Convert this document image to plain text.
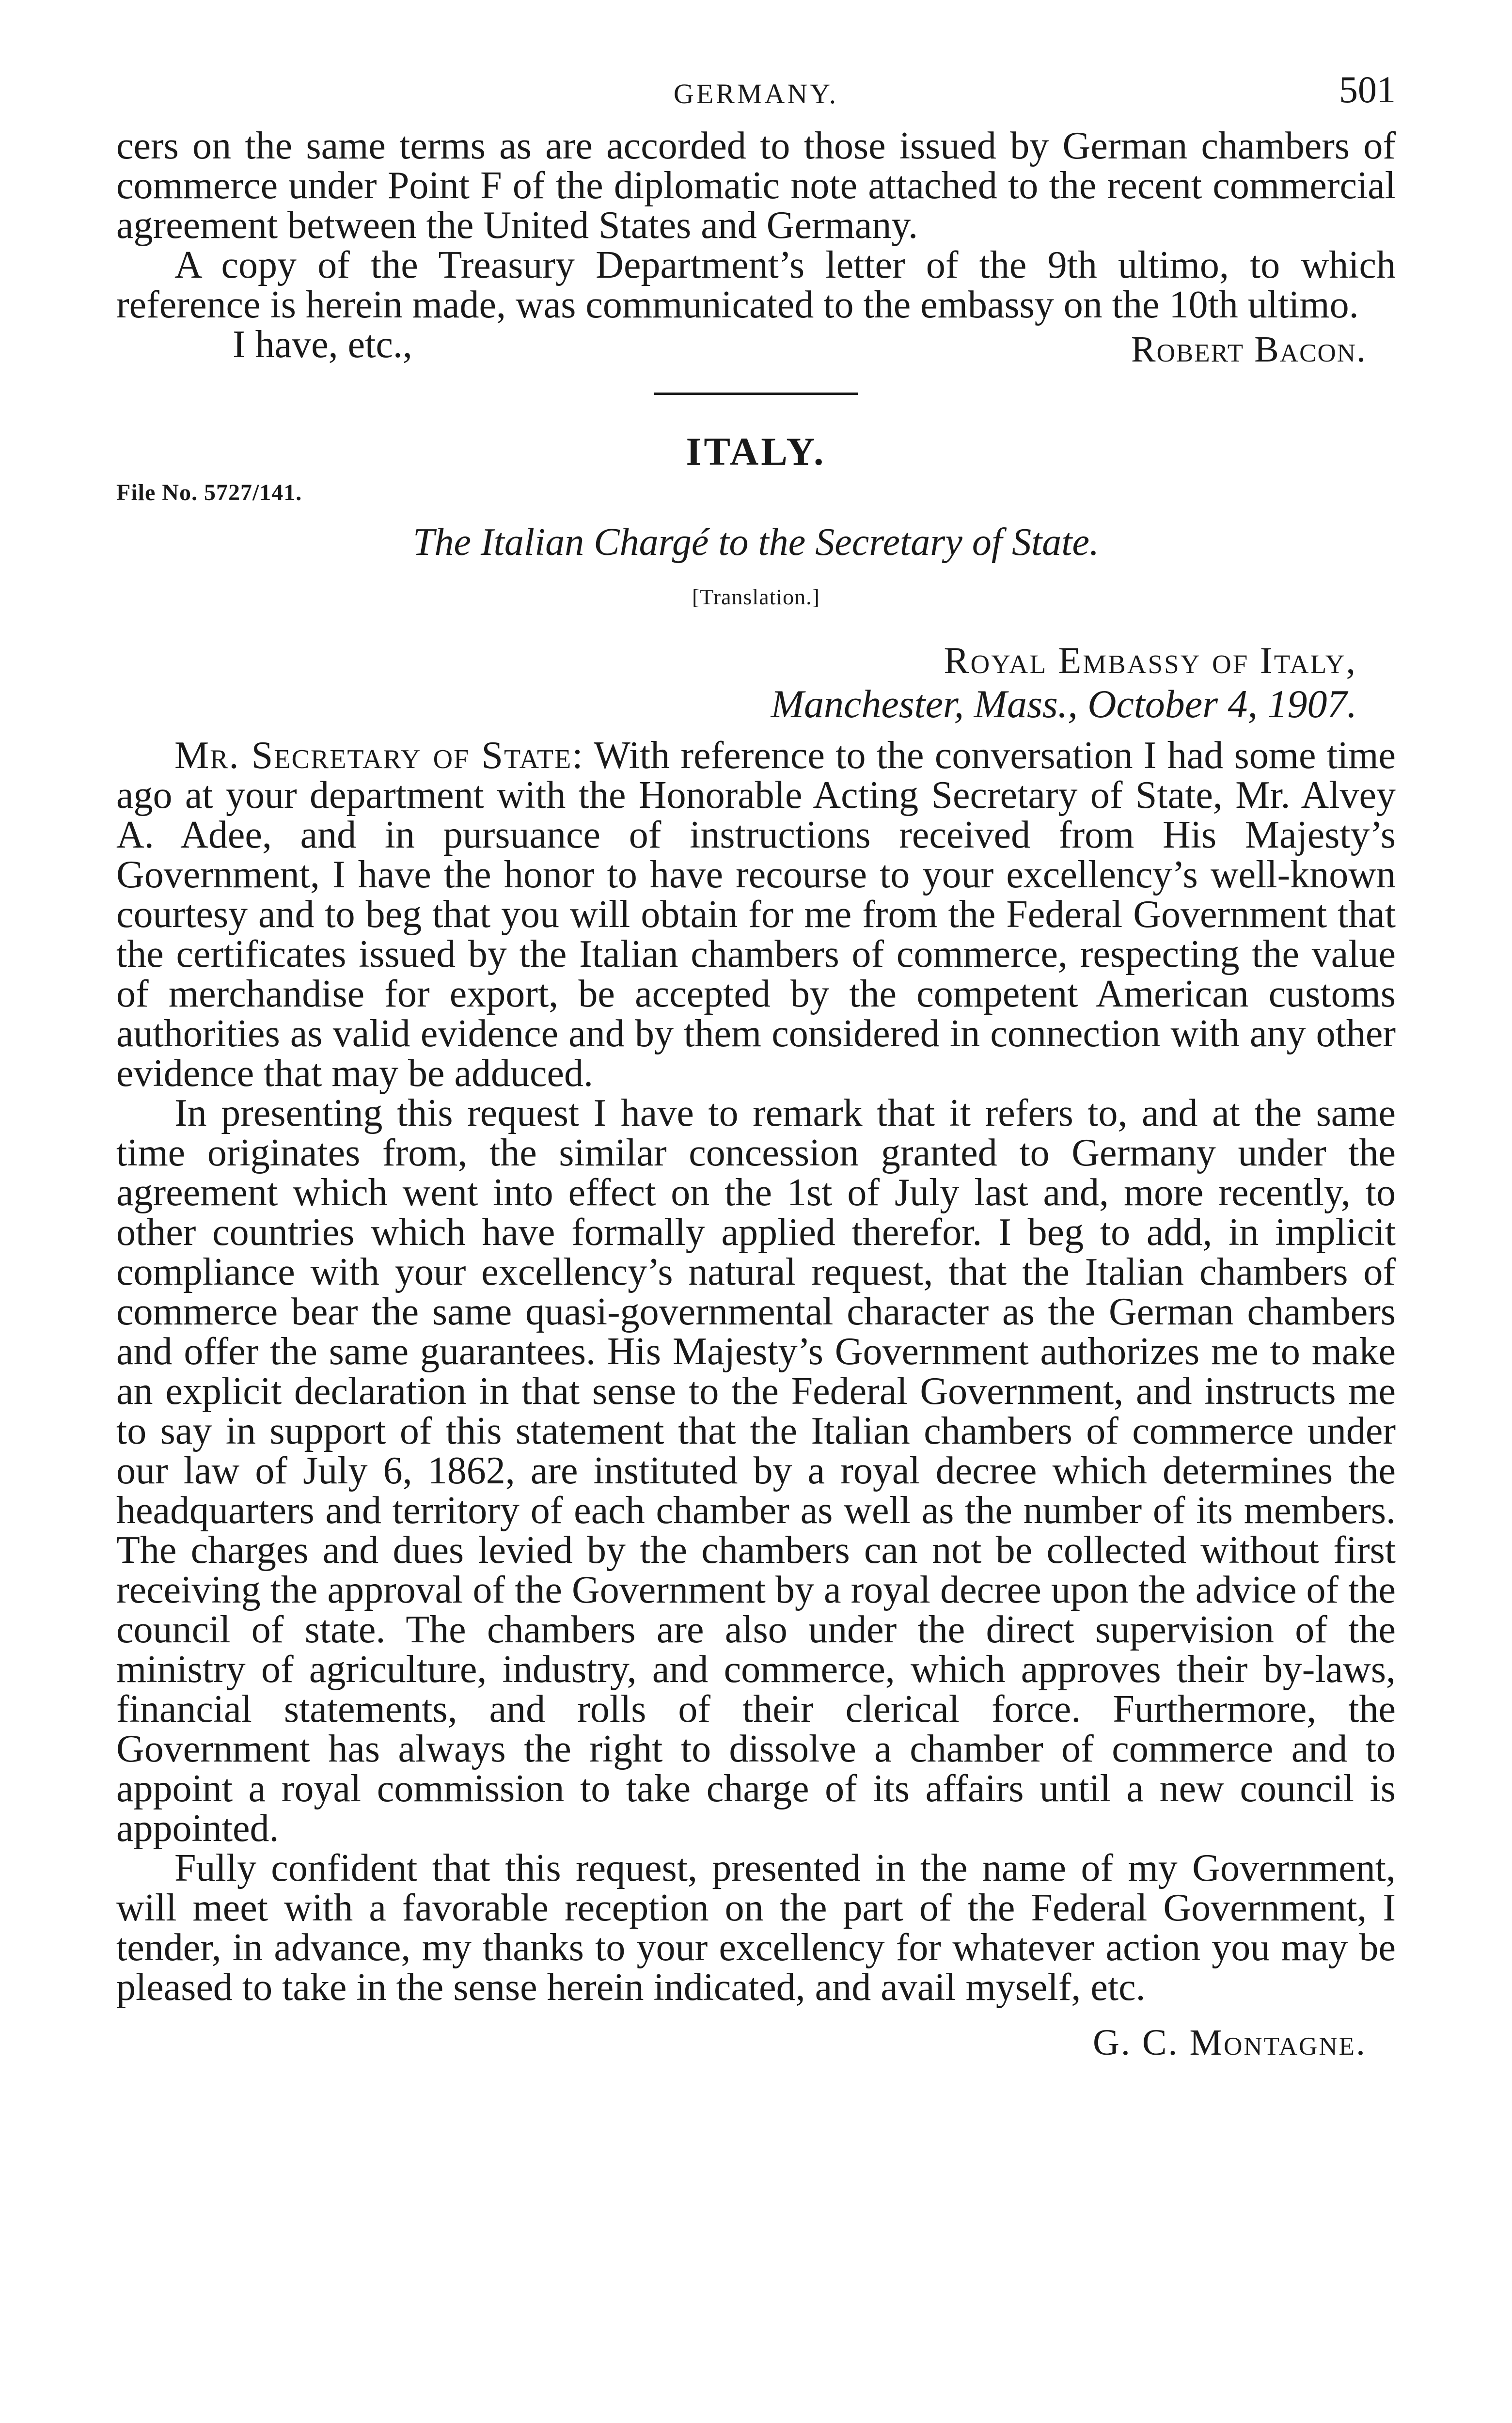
GERMANY.	501

cers on the same terms as are accorded to those issued by German chambers of commerce under Point F of the diplomatic note attached to the recent commercial agreement between the United States and Germany.

A copy of the Treasury Department’s letter of the 9th ultimo, to which reference is herein made, was communicated to the embassy on the 10th ultimo.

I have, etc.,	Robert Bacon.
ITALY.
File No. 5727/141.
The Italian Chargé to the Secretary of State.
[Translation.]
Royal Embassy of Italy,
Manchester, Mass., October 4, 1907.

Mr. Secretary of State: With reference to the conversation I had some time ago at your department with the Honorable Acting Secretary of State, Mr. Alvey A. Adee, and in pursuance of instructions received from His Majesty’s Government, I have the honor to have recourse to your excellency’s well-known courtesy and to beg that you will obtain for me from the Federal Government that the certificates issued by the Italian chambers of commerce, respecting the value of merchandise for export, be accepted by the competent American customs authorities as valid evidence and by them considered in connection with any other evidence that may be adduced.

In presenting this request I have to remark that it refers to, and at the same time originates from, the similar concession granted to Germany under the agreement which went into effect on the 1st of July last and, more recently, to other countries which have formally applied therefor. I beg to add, in implicit compliance with your excellency’s natural request, that the Italian chambers of commerce bear the same quasi-governmental character as the German chambers and offer the same guarantees. His Majesty’s Government authorizes me to make an explicit declaration in that sense to the Federal Government, and instructs me to say in support of this statement that the Italian chambers of commerce under our law of July 6, 1862, are instituted by a royal decree which determines the headquarters and territory of each chamber as well as the number of its members. The charges and dues levied by the chambers can not be collected without first receiving the approval of the Government by a royal decree upon the advice of the council of state. The chambers are also under the direct supervision of the ministry of agriculture, industry, and commerce, which approves their by-laws, financial statements, and rolls of their clerical force. Furthermore, the Government has always the right to dissolve a chamber of commerce and to appoint a royal commission to take charge of its affairs until a new council is appointed.

Fully confident that this request, presented in the name of my Government, will meet with a favorable reception on the part of the Federal Government, I tender, in advance, my thanks to your excellency for whatever action you may be pleased to take in the sense herein indicated, and avail myself, etc.

G. C. Montagne.
